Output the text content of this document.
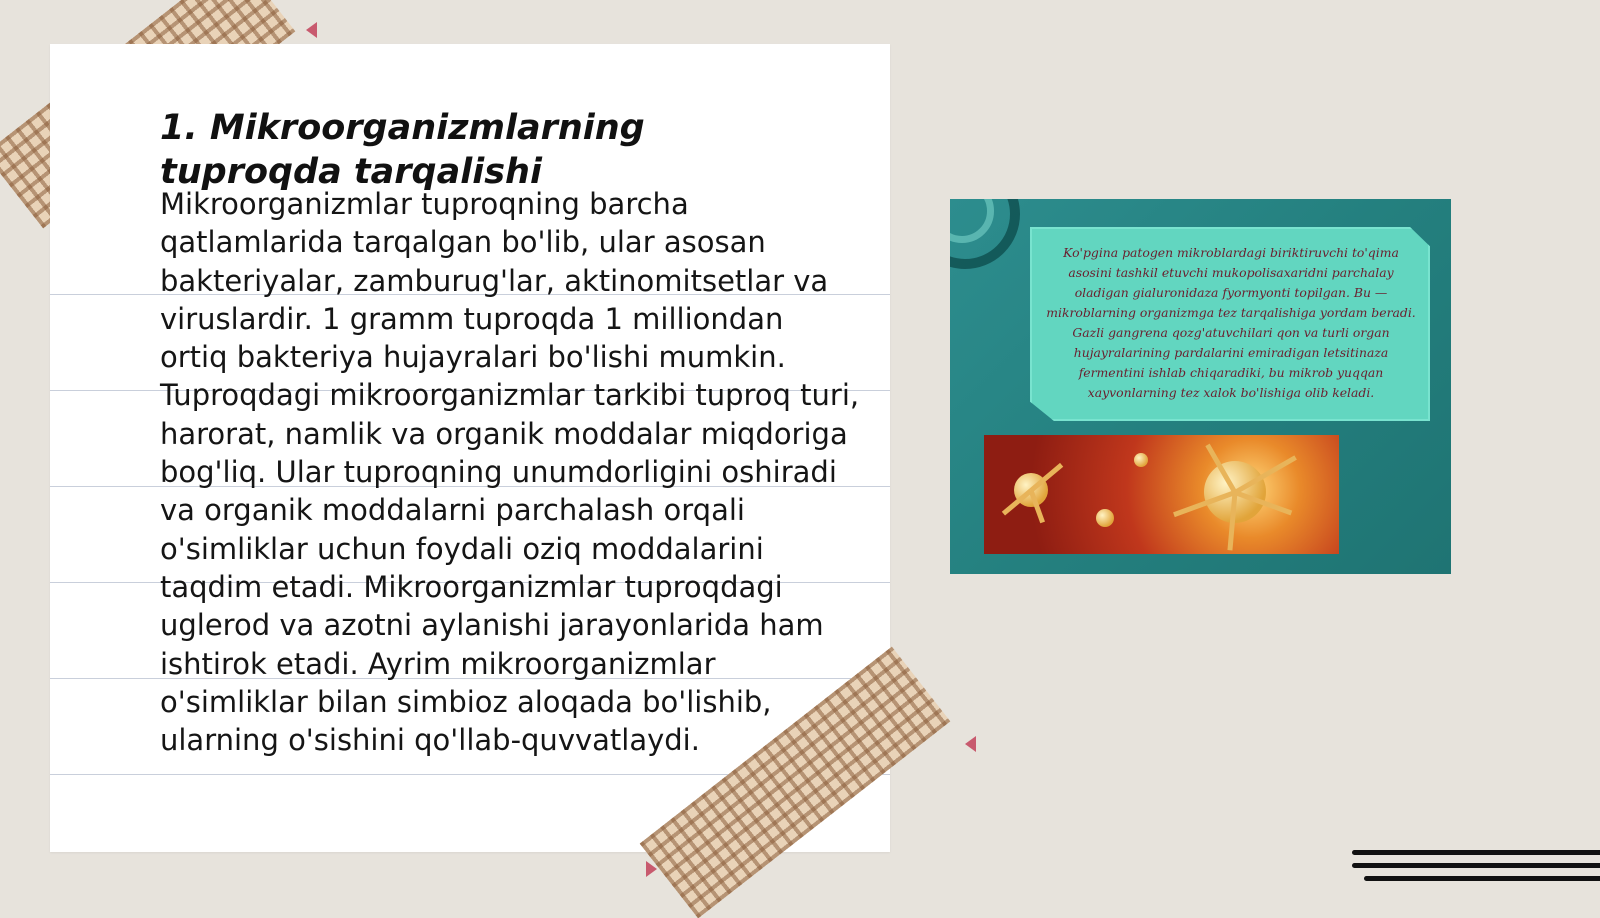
1. Mikroorganizmlarning tuproqda tarqalishi

Mikroorganizmlar tuproqning barcha qatlamlarida tarqalgan bo'lib, ular asosan bakteriyalar, zamburug'lar, aktinomitsetlar va viruslardir. 1 gramm tuproqda 1 milliondan ortiq bakteriya hujayralari bo'lishi mumkin. Tuproqdagi mikroorganizmlar tarkibi tuproq turi, harorat, namlik va organik moddalar miqdoriga bog'liq. Ular tuproqning unumdorligini oshiradi va organik moddalarni parchalash orqali o'simliklar uchun foydali oziq moddalarini taqdim etadi. Mikroorganizmlar tuproqdagi uglerod va azotni aylanishi jarayonlarida ham ishtirok etadi. Ayrim mikroorganizmlar o'simliklar bilan simbioz aloqada bo'lishib, ularning o'sishini qo'llab-quvvatlaydi.

Ko'pgina patogen mikroblardagi biriktiruvchi to'qima asosini tashkil etuvchi mukopolisaxaridni parchalay oladigan gialuronidaza fyormyonti topilgan. Bu — mikroblarning organizmga tez tarqalishiga yordam beradi. Gazli gangrena qozg'atuvchilari qon va turli organ hujayralarining pardalarini emiradigan letsitinaza fermentini ishlab chiqaradiki, bu mikrob yuqqan xayvonlarning tez xalok bo'lishiga olib keladi.
